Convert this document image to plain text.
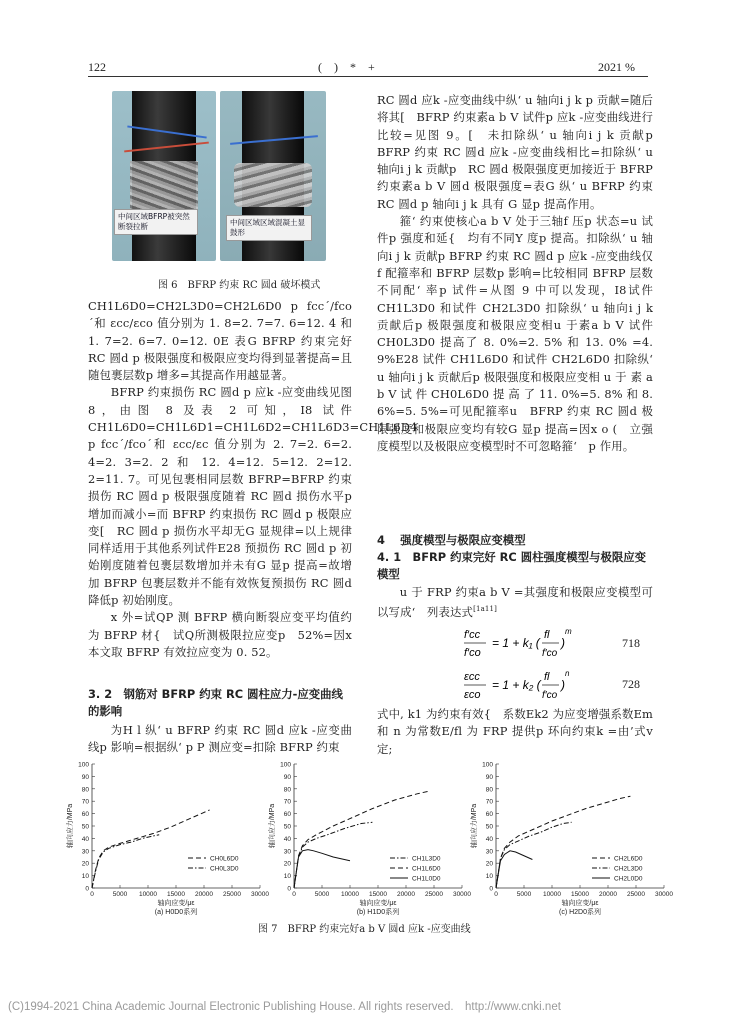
122	(　)　*　+	2021 %
中间区域BFRP被突然断裂拉断	中间区域区域混凝土显鼓形
图 6　BFRP 约束 RC 圆d 破坏模式

CH1L6D0=CH2L3D0=CH2L6D0 p fcc´/fco´和 εcc/εco 值分别为 1. 8=2. 7=7. 6=12. 4 和 1. 7=2. 6=7. 0=12. 0E 表G BFRP 约束完好 RC 圆d p 极限强度和极限应变均得到显著提高=且随包裹层数p 增多=其提高作用越显著。

BFRP 约束损伤 RC 圆d p 应k -应变曲线见图 8，由图 8 及表 2 可知，I8 试件 CH1L6D0=CH1L6D1=CH1L6D2=CH1L6D3=CH1L6D4 p fcc´/fco´和 εcc/εc 值分别为 2. 7=2. 6=2. 4=2. 3=2. 2 和 12. 4=12. 5=12. 2=12. 2=11. 7。可见包裹相同层数 BFRP=BFRP 约束损伤 RC 圆d p 极限强度随着 RC 圆d 损伤水平p 增加而减小=而 BFRP 约束损伤 RC 圆d p 极限应变[　RC 圆d p 损伤水平却无G 显规律=以上规律同样适用于其他系列试件E28 预损伤 RC 圆d p 初始刚度随着包裹层数增加并未有G 显p 提高=故增加 BFRP 包裹层数并不能有效恢复预损伤 RC 圆d 降低p 初始刚度。

x 外=试QP 测 BFRP 横向断裂应变平均值约为 BFRP 材{　试Q所测极限拉应变p　52%=因x 本文取 BFRP 有效拉应变为 0. 52。

3. 2　钢筋对 BFRP 约束 RC 圆柱应力-应变曲线的影响
为H l 纵‘ u BFRP 约束 RC 圆d 应k -应变曲线p 影响=根据纵‘ p P 测应变=扣除 BFRP 约束

RC 圆d 应k -应变曲线中纵‘ u 轴向i j k p 贡献=随后将其[　BFRP 约束素a b V 试件p 应k -应变曲线进行比较=见图 9。[　未扣除纵‘ u 轴向i j k 贡献p　BFRP 约束 RC 圆d 应k -应变曲线相比=扣除纵‘ u 轴向i j k 贡献p　RC 圆d 极限强度更加接近于 BFRP 约束素a b V 圆d 极限强度=表G 纵‘ u BFRP 约束 RC 圆d p 轴向i j k 具有 G 显p 提高作用。

箍‘ 约束使核心a b V 处于三轴f 压p 状态=u 试件p 强度和延{　均有不同Y 度p 提高。扣除纵‘ u 轴向i j k 贡献p BFRP 约束 RC 圆d p 应k -应变曲线仅f 配箍率和 BFRP 层数p 影响=比较相同 BFRP 层数不同配‘ 率p 试件=从图 9 中可以发现，I8试件 CH1L3D0 和试件 CH2L3D0 扣除纵‘ u 轴向i j k 贡献后p 极限强度和极限应变相u 于素a b V 试件 CH0L3D0 提高了 8. 0%=2. 5% 和 13. 0% =4. 9%E28 试件 CH1L6D0 和试件 CH2L6D0 扣除纵‘ u 轴向i j k 贡献后p 极限强度和极限应变相 u 于 素 a b V 试 件 CH0L6D0 提 高 了 11. 0%=5. 8% 和 8. 6%=5. 5%=可见配箍率u　BFRP 约束 RC 圆d 极限强度和极限应变均有较G 显p 提高=因x o (　立强度模型以及极限应变模型时不可忽略箍‘　p 作用。

4　 强度模型与极限应变模型
4. 1　BFRP 约束完好 RC 圆柱强度模型与极限应变模型
u 于 FRP 约束a b V =其强度和极限应变模型可以写成‘　列表达式[1a11]
f′cc
f′co
= 1 + k₁ (
fl
f′co
)
m
718
εcc
εco
= 1 + k₂ (
fl
f′co
)
n
728
式中, k1 为约束有效{　系数Ek2 为应变增强系数Em 和 n 为常数E/fl 为 FRP 提供p 环向约束k =由’式v 定;
0
10
20
30
40
50
60
70
80
90
100
0	5000 10000 15000 20000 25000 30000
轴向应力/MPa
轴向应变/με
(a) H0D0系列
CH0L6D0
CH0L3D0
0
10
20
30
40
50
60
70
80
90
100
0	5000 10000 15000 20000 25000 30000
轴向应力/MPa
轴向应变/με
(b) H1D0系列
CH1L3D0
CH1L6D0
CH1L0D0
0
10
20
30
40
50
60
70
80
90
100
0	5000 10000 15000 20000 25000 30000
轴向应力/MPa
轴向应变/με
(c) H2D0系列
CH2L6D0
CH2L3D0
CH2L0D0
图 7　BFRP 约束完好a b V 圆d 应k -应变曲线
(C)1994-2021 China Academic Journal Electronic Publishing House. All rights reserved.　http://www.cnki.net
